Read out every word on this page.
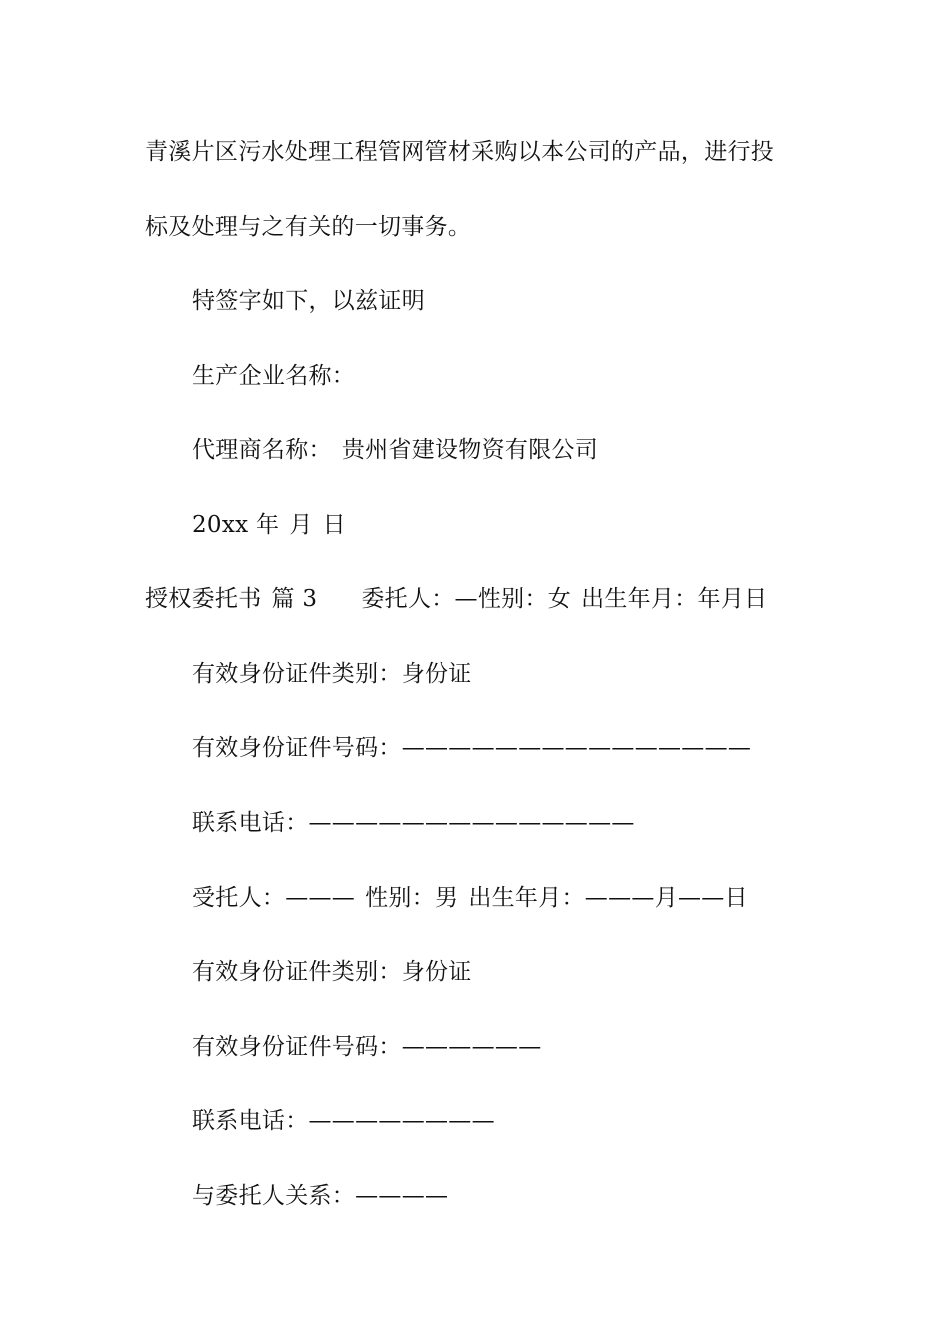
青溪片区污水处理工程管网管材采购以本公司的产品，进行投
标及处理与之有关的一切事务。
特签字如下，以兹证明
生产企业名称：
代理商名称： 贵州省建设物资有限公司
20xx 年 月 日
授权委托书 篇 3 委托人：—性别：女 出生年月：年月日
有效身份证件类别：身份证
有效身份证件号码：———————————————
联系电话：——————————————
受托人：——— 性别：男 出生年月：———月——日
有效身份证件类别：身份证
有效身份证件号码：——————
联系电话：————————
与委托人关系：————
